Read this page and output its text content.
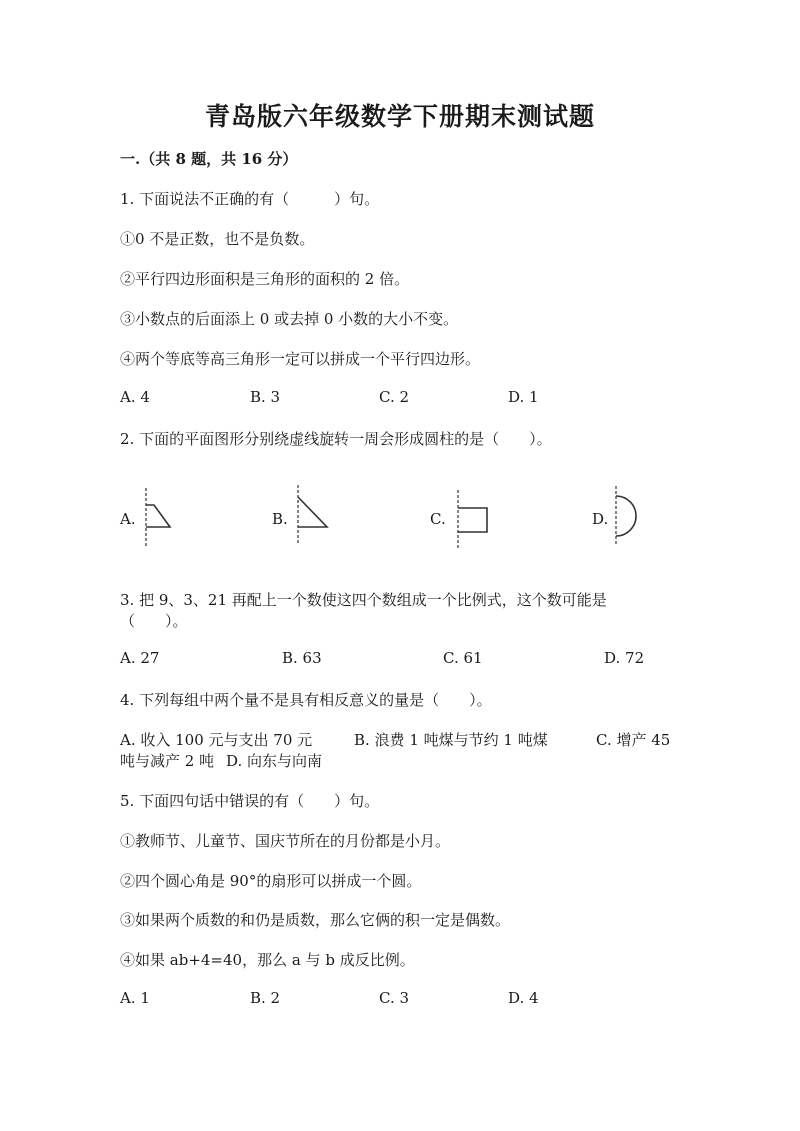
青岛版六年级数学下册期末测试题
一.（共 8 题，共 16 分）
1. 下面说法不正确的有（　　　）句。
①0 不是正数，也不是负数。
②平行四边形面积是三角形的面积的 2 倍。
③小数点的后面添上 0 或去掉 0 小数的大小不变。
④两个等底等高三角形一定可以拼成一个平行四边形。
A. 4	B. 3	C. 2	D. 1
2. 下面的平面图形分别绕虚线旋转一周会形成圆柱的是（　　）。
A.	B.	C.	D.
3. 把 9、3、21 再配上一个数使这四个数组成一个比例式，这个数可能是
（　　）。
A. 27	B. 63	C. 61	D. 72
4. 下列每组中两个量不是具有相反意义的量是（　　）。
A. 收入 100 元与支出 70 元	B. 浪费 1 吨煤与节约 1 吨煤	C. 增产 45
吨与减产 2 吨 D. 向东与向南
5. 下面四句话中错误的有（　　）句。
①教师节、儿童节、国庆节所在的月份都是小月。
②四个圆心角是 90°的扇形可以拼成一个圆。
③如果两个质数的和仍是质数，那么它俩的积一定是偶数。
④如果 ab+4=40，那么 a 与 b 成反比例。
A. 1	B. 2	C. 3	D. 4
